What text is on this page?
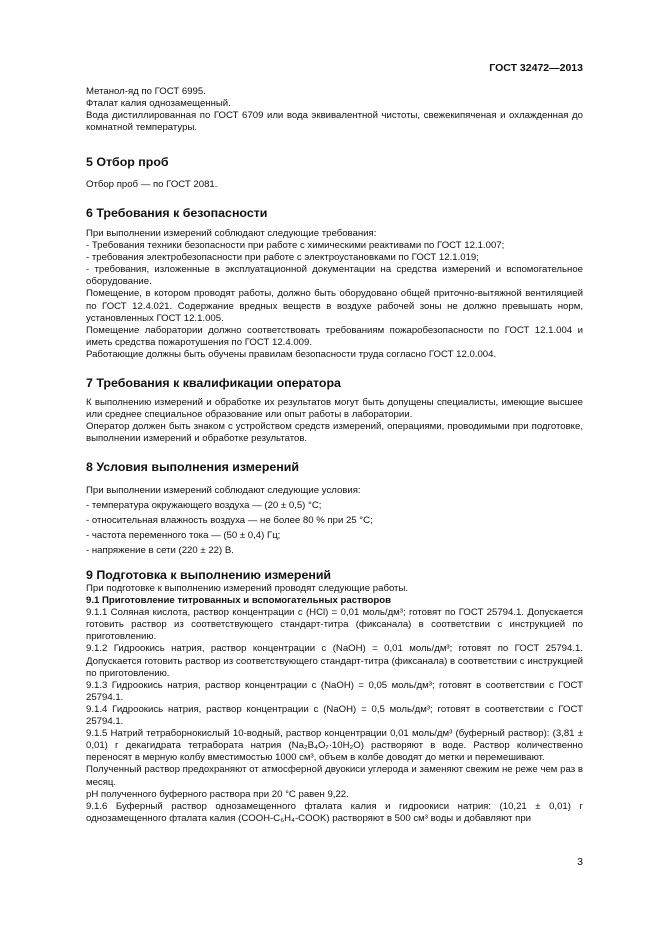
ГОСТ 32472—2013

Метанол-яд по ГОСТ 6995.

Фталат калия однозамещенный.

Вода дистиллированная по ГОСТ 6709 или вода эквивалентной чистоты, свежекипяченая и охлажденная до комнатной температуры.

5 Отбор проб

Отбор проб — по ГОСТ 2081.

6 Требования к безопасности

При выполнении измерений соблюдают следующие требования:

- Требования техники безопасности при работе с химическими реактивами по ГОСТ 12.1.007;

- требования электробезопасности при работе с электроустановками по ГОСТ 12.1.019;

- требования, изложенные в эксплуатационной документации на средства измерений и вспомогательное оборудование.

Помещение, в котором проводят работы, должно быть оборудовано общей приточно-вытяжной вентиляцией по ГОСТ 12.4.021. Содержание вредных веществ в воздухе рабочей зоны не должно превышать норм, установленных ГОСТ 12.1.005.

Помещение лаборатории должно соответствовать требованиям пожаробезопасности по ГОСТ 12.1.004 и иметь средства пожаротушения по ГОСТ 12.4.009.

Работающие должны быть обучены правилам безопасности труда согласно ГОСТ 12.0.004.

7 Требования к квалификации оператора

К выполнению измерений и обработке их результатов могут быть допущены специалисты, имеющие высшее или среднее специальное образование или опыт работы в лаборатории.

Оператор должен быть знаком с устройством средств измерений, операциями, проводимыми при подготовке, выполнении измерений и обработке результатов.

8 Условия выполнения измерений

При выполнении измерений соблюдают следующие условия:

- температура окружающего воздуха — (20 ± 0,5) °С;

- относительная влажность воздуха — не более 80 % при 25 °С;

- частота переменного тока — (50 ± 0,4) Гц;

- напряжение в сети (220 ± 22) В.

9 Подготовка к выполнению измерений

При подготовке к выполнению измерений проводят следующие работы.

9.1 Приготовление титрованных и вспомогательных растворов

9.1.1 Соляная кислота, раствор концентрации c (HCl) = 0,01 моль/дм³; готовят по ГОСТ 25794.1. Допускается готовить раствор из соответствующего стандарт-титра (фиксанала) в соответствии с инструкцией по приготовлению.

9.1.2 Гидроокись натрия, раствор концентрации c (NaOH) = 0,01 моль/дм³; готовят по ГОСТ 25794.1. Допускается готовить раствор из соответствующего стандарт-титра (фиксанала) в соответствии с инструкцией по приготовлению.

9.1.3 Гидроокись натрия, раствор концентрации c (NaOH) = 0,05 моль/дм³; готовят в соответствии с ГОСТ 25794.1.

9.1.4 Гидроокись натрия, раствор концентрации c (NaOH) = 0,5 моль/дм³; готовят в соответствии с ГОСТ 25794.1.

9.1.5 Натрий тетраборнокислый 10-водный, раствор концентрации 0,01 моль/дм³ (буферный раствор): (3,81 ± 0,01) г декагидрата тетрабората натрия (Na₂B₄O₇·10H₂O) растворяют в воде. Раствор количественно переносят в мерную колбу вместимостью 1000 см³, объем в колбе доводят до метки и перемешивают.

Полученный раствор предохраняют от атмосферной двуокиси углерода и заменяют свежим не реже чем раз в месяц.

pH полученного буферного раствора при 20 °С равен 9,22.

9.1.6 Буферный раствор однозамещенного фталата калия и гидроокиси натрия: (10,21 ± 0,01) г однозамещенного фталата калия (COOH-C₆H₄-COOK) растворяют в 500 см³ воды и добавляют при

3
